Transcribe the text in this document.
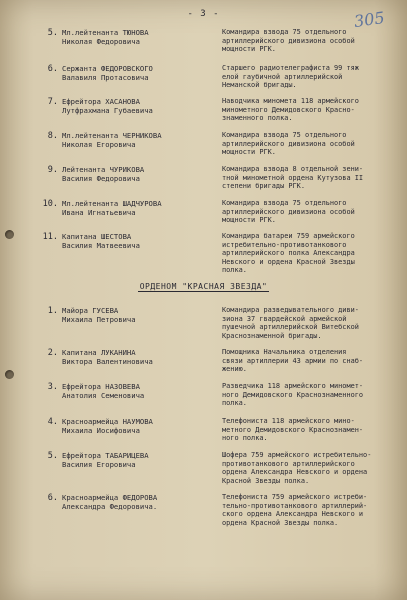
- 3 -	305
5. Мл.лейтенанта ТЮНОВА
Николая Федоровича
Командира взвода 75 отдельного
артиллерийского дивизиона особой
мощности РГК.
6. Сержанта ФЕДОРОВСКОГО
Валавиля Протасовича
Старшего радиотелеграфиста 99 тяж
елой гаубичной артиллерийской
Неманской бригады.
7. Ефрейтора ХАСАНОВА
Лутфрахмана Губаевича
Наводчика миномета 118 армейского
минометного Демидовского Красно-
знаменного полка.
8. Мл.лейтенанта ЧЕРНИКОВА
Николая Егоровича
Командира взвода 75 отдельного
артиллерийского дивизиона особой
мощности РГК.
9. Лейтенанта ЧУРИКОВА
Василия Федоровича
Командира взвода 8 отдельной зени-
тной минометной ордена Кутузова II
степени бригады РГК.
10. Мл.лейтенанта ШАДЧУРОВА
Ивана Игнатьевича
Командира взвода 75 отдельного
артиллерийского дивизиона особой
мощности РГК.
11. Капитана ШЕСТОВА
Василия Матвеевича
Командира батареи 759 армейского
истребительно-противотанкового
артиллерийского полка Александра
Невского и ордена Красной Звезды
полка.
ОРДЕНОМ "КРАСНАЯ ЗВЕЗДА"
1. Майора ГУСЕВА
Михаила Петровича
Командира разведывательного диви-
зиона 37 гвардейской армейской
пушечной артиллерийской Витебской
Краснознаменной бригады.
2. Капитана ЛУКАНИНА
Виктора Валентиновича
Помощника Начальника отделения
связи артиллерии 43 армии по снаб-
жению.
3. Ефрейтора НАЗОВЕВА
Анатолия Семеновича
Разведчика 118 армейского миномет-
ного Демидовского Краснознаменного
полка.
4. Красноармейца НАУМОВА
Михаила Иосифовича
Телефониста 118 армейского мино-
метного Демидовского Краснознамен-
ного полка.
5. Ефрейтора ТАБАРИЦЕВА
Василия Егоровича
Шофера 759 армейского истребительно-
противотанкового артиллерийского
ордена Александра Невского и ордена
Красной Звезды полка.
6. Красноармейца ФЕДОРОВА
Александра Федоровича.
Телефониста 759 армейского истреби-
тельно-противотанкового артиллерий-
ского ордена Александра Невского и
ордена Красной Звезды полка.
